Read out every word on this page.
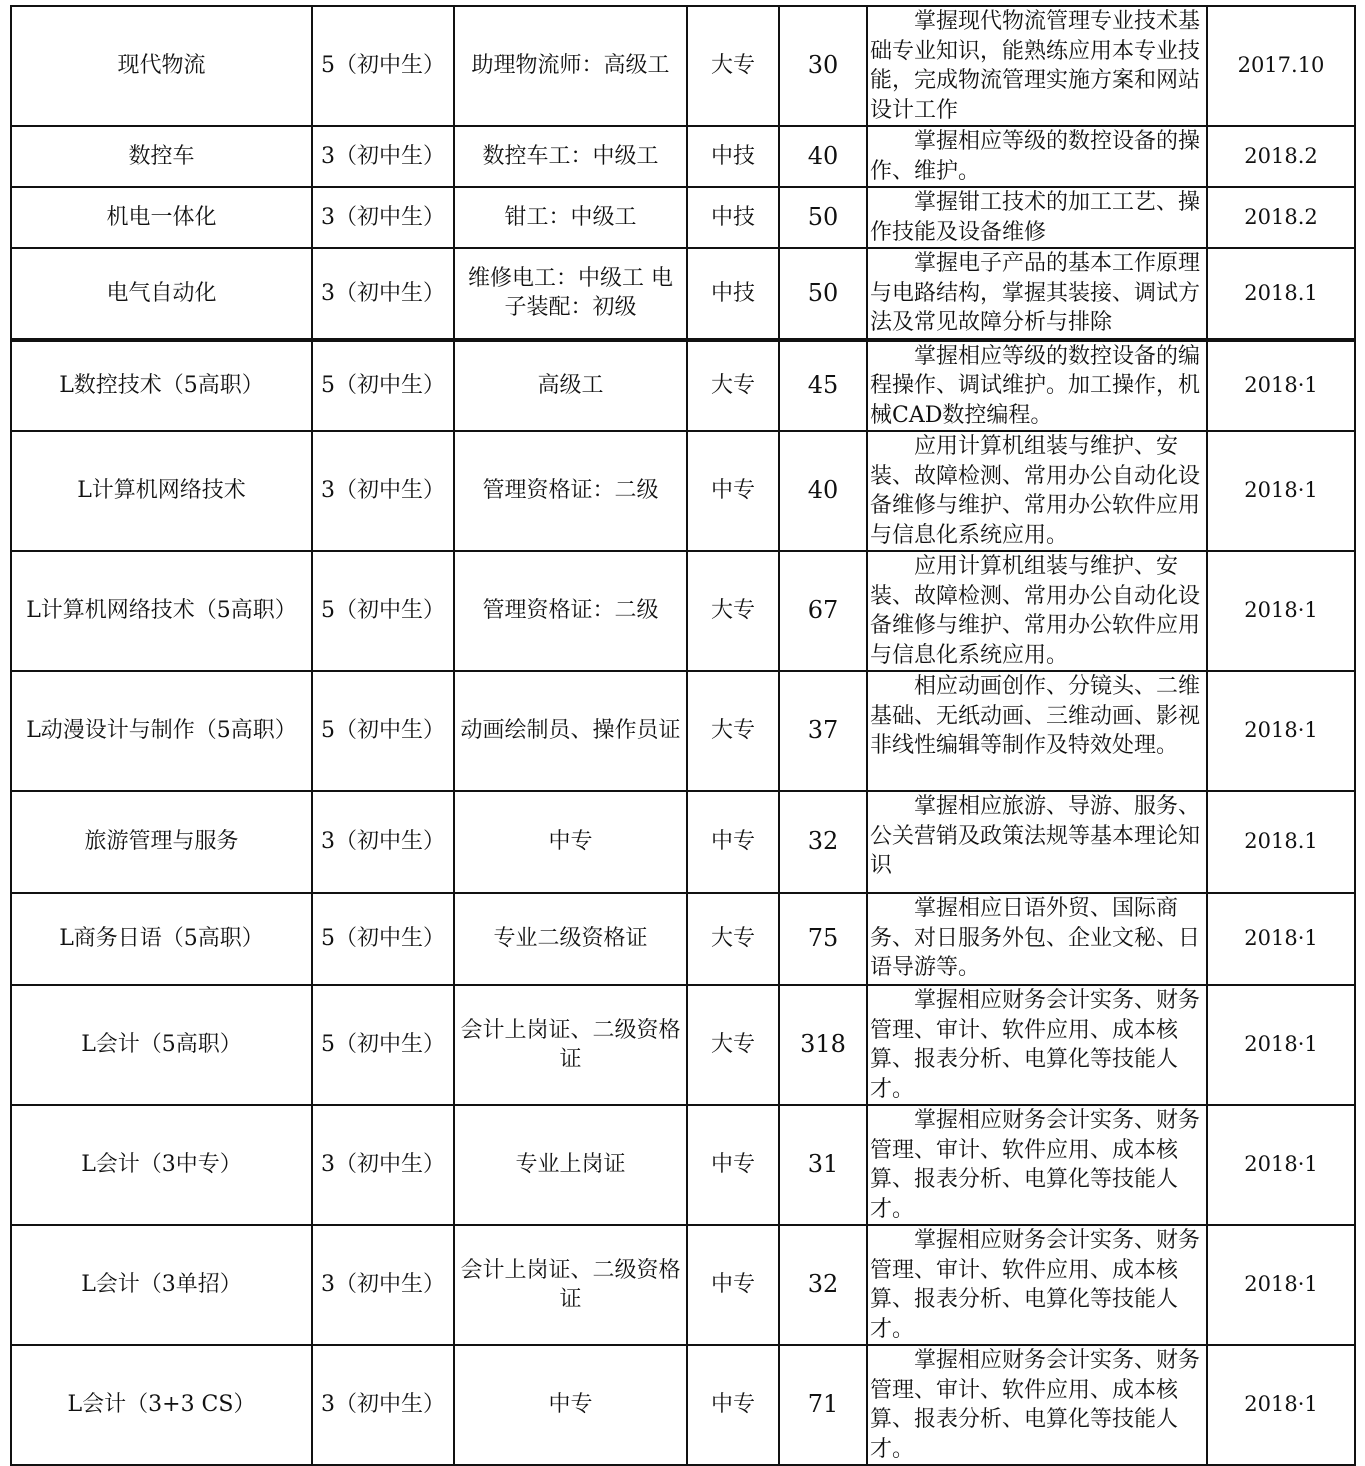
现代物流	5（初中生）	助理物流师：高级工	大专	30	掌握现代物流管理专业技术基础专业知识，能熟练应用本专业技能，完成物流管理实施方案和网站设计工作	2017.10
数控车	3（初中生）	数控车工：中级工	中技	40	掌握相应等级的数控设备的操作、维护。	2018.2
机电一体化	3（初中生）	钳工：中级工	中技	50	掌握钳工技术的加工工艺、操作技能及设备维修	2018.2
电气自动化	3（初中生）	维修电工：中级工 电子装配：初级	中技	50	掌握电子产品的基本工作原理与电路结构，掌握其装接、调试方法及常见故障分析与排除	2018.1
L数控技术（5高职）	5（初中生）	高级工	大专	45	掌握相应等级的数控设备的编程操作、调试维护。加工操作，机械CAD数控编程。	2018·1
L计算机网络技术	3（初中生）	管理资格证：二级	中专	40	应用计算机组装与维护、安装、故障检测、常用办公自动化设备维修与维护、常用办公软件应用与信息化系统应用。	2018·1
L计算机网络技术（5高职）	5（初中生）	管理资格证：二级	大专	67	应用计算机组装与维护、安装、故障检测、常用办公自动化设备维修与维护、常用办公软件应用与信息化系统应用。	2018·1
L动漫设计与制作（5高职）	5（初中生）	动画绘制员、操作员证	大专	37	相应动画创作、分镜头、二维基础、无纸动画、三维动画、影视非线性编辑等制作及特效处理。	2018·1
旅游管理与服务	3（初中生）	中专	中专	32	掌握相应旅游、导游、服务、公关营销及政策法规等基本理论知识	2018.1
L商务日语（5高职）	5（初中生）	专业二级资格证	大专	75	掌握相应日语外贸、国际商务、对日服务外包、企业文秘、日语导游等。	2018·1
L会计（5高职）	5（初中生）	会计上岗证、二级资格证	大专	318	掌握相应财务会计实务、财务管理、审计、软件应用、成本核算、报表分析、电算化等技能人才。	2018·1
L会计（3中专）	3（初中生）	专业上岗证	中专	31	掌握相应财务会计实务、财务管理、审计、软件应用、成本核算、报表分析、电算化等技能人才。	2018·1
L会计（3单招）	3（初中生）	会计上岗证、二级资格证	中专	32	掌握相应财务会计实务、财务管理、审计、软件应用、成本核算、报表分析、电算化等技能人才。	2018·1
L会计（3+3 CS）	3（初中生）	中专	中专	71	掌握相应财务会计实务、财务管理、审计、软件应用、成本核算、报表分析、电算化等技能人才。	2018·1
